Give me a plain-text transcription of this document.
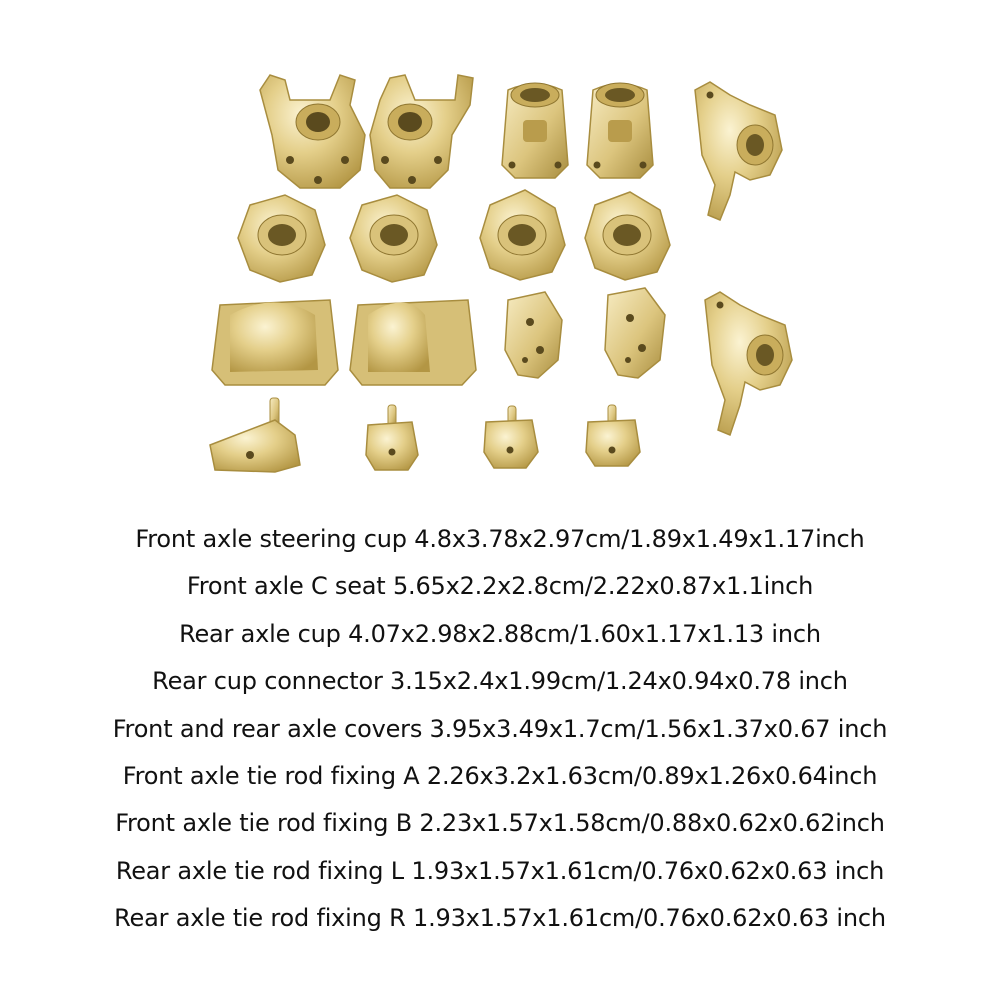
Front axle steering cup 4.8x3.78x2.97cm/1.89x1.49x1.17inch
Front axle C seat 5.65x2.2x2.8cm/2.22x0.87x1.1inch
Rear axle cup 4.07x2.98x2.88cm/1.60x1.17x1.13 inch
Rear cup connector 3.15x2.4x1.99cm/1.24x0.94x0.78 inch
Front and rear axle covers 3.95x3.49x1.7cm/1.56x1.37x0.67 inch
Front axle tie rod fixing A 2.26x3.2x1.63cm/0.89x1.26x0.64inch
Front axle tie rod fixing B 2.23x1.57x1.58cm/0.88x0.62x0.62inch
Rear axle tie rod fixing L 1.93x1.57x1.61cm/0.76x0.62x0.63 inch
Rear axle tie rod fixing R 1.93x1.57x1.61cm/0.76x0.62x0.63 inch
